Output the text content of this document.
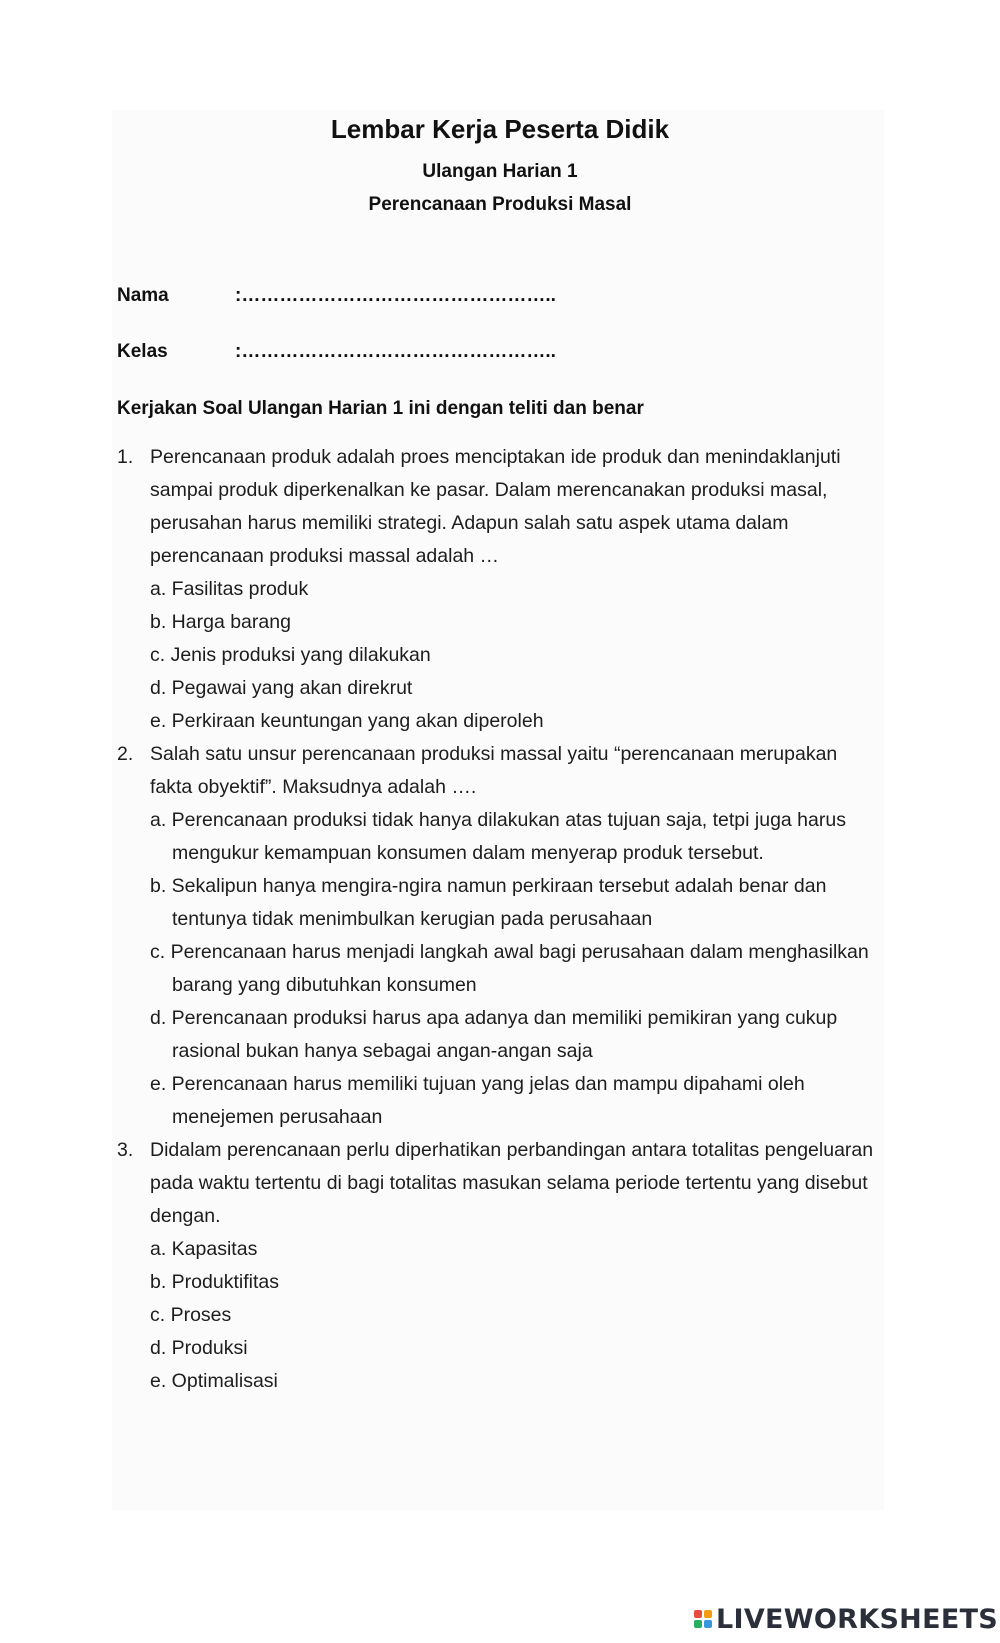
Lembar Kerja Peserta Didik
Ulangan Harian 1
Perencanaan Produksi Masal
Nama	:…………………………………………..
Kelas	:…………………………………………..
Kerjakan Soal Ulangan Harian 1 ini dengan teliti dan benar
1. Perencanaan produk adalah proes menciptakan ide produk dan menindaklanjuti
sampai produk diperkenalkan ke pasar. Dalam merencanakan produksi masal,
perusahan harus memiliki strategi. Adapun salah satu aspek utama dalam
perencanaan produksi massal adalah …
a. Fasilitas produk
b. Harga barang
c. Jenis produksi yang dilakukan
d. Pegawai yang akan direkrut
e. Perkiraan keuntungan yang akan diperoleh
2. Salah satu unsur perencanaan produksi massal yaitu “perencanaan merupakan
fakta obyektif”. Maksudnya adalah ….
a. Perencanaan produksi tidak hanya dilakukan atas tujuan saja, tetpi juga harus
mengukur kemampuan konsumen dalam menyerap produk tersebut.
b. Sekalipun hanya mengira-ngira namun perkiraan tersebut adalah benar dan
tentunya tidak menimbulkan kerugian pada perusahaan
c. Perencanaan harus menjadi langkah awal bagi perusahaan dalam menghasilkan
barang yang dibutuhkan konsumen
d. Perencanaan produksi harus apa adanya dan memiliki pemikiran yang cukup
rasional bukan hanya sebagai angan-angan saja
e. Perencanaan harus memiliki tujuan yang jelas dan mampu dipahami oleh
menejemen perusahaan
3. Didalam perencanaan perlu diperhatikan perbandingan antara totalitas pengeluaran
pada waktu tertentu di bagi totalitas masukan selama periode tertentu yang disebut
dengan.
a. Kapasitas
b. Produktifitas
c. Proses
d. Produksi
e. Optimalisasi
LIVEWORKSHEETS
